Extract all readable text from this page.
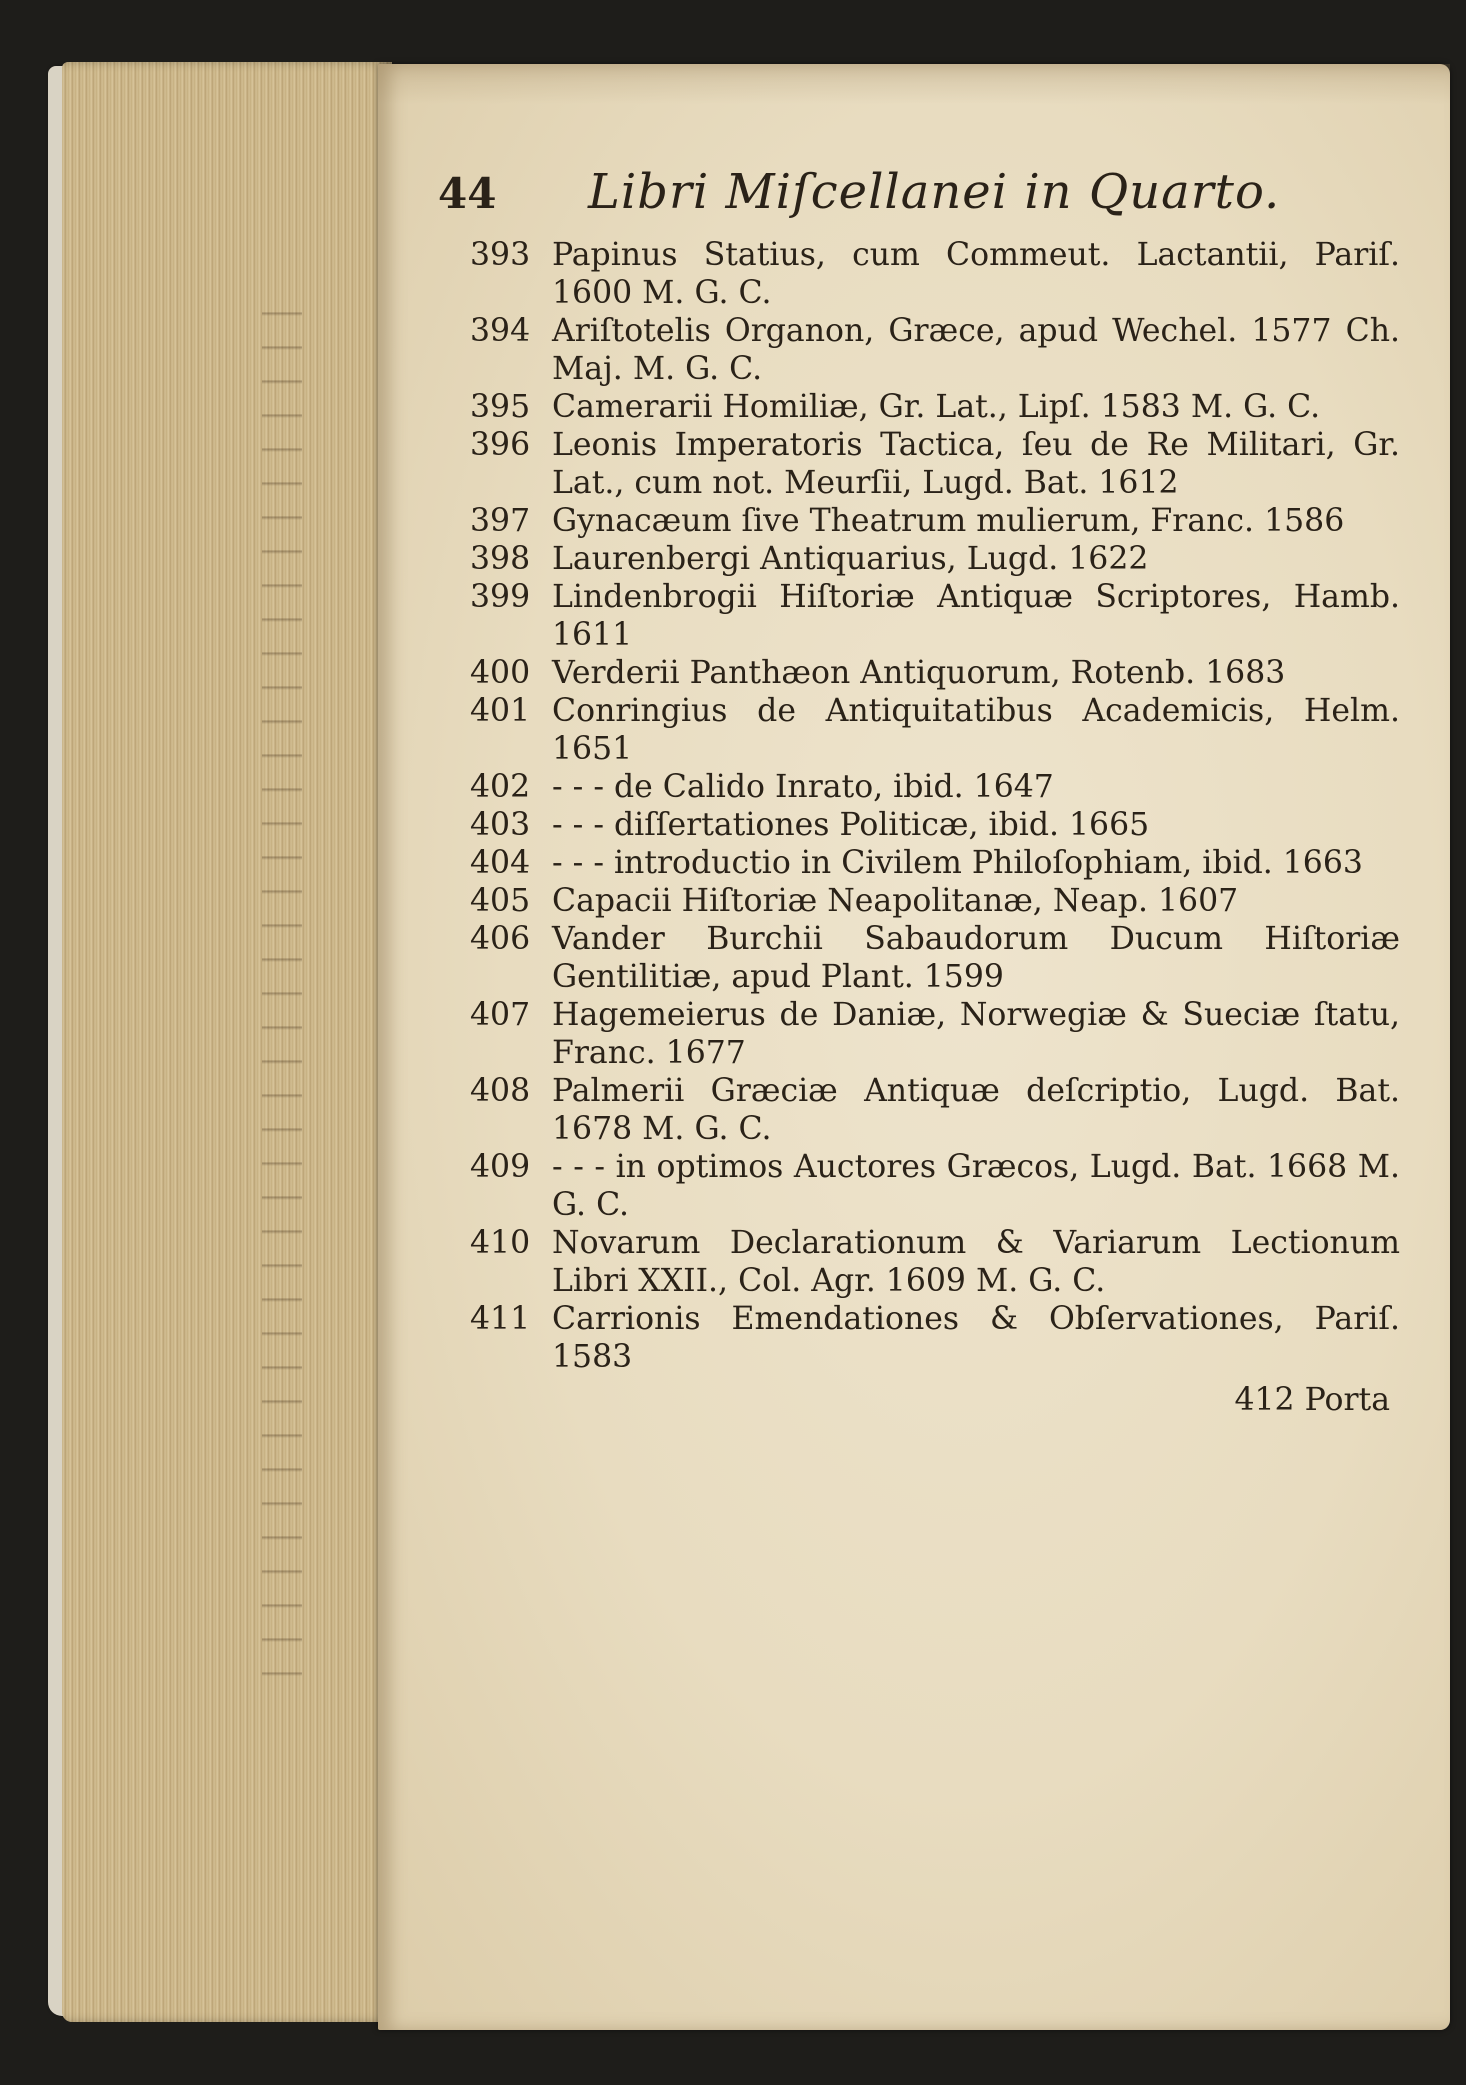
44	Libri Miſcellanei in Quarto.
393 Papinus Statius, cum Commeut. Lactantii, Pariſ. 1600 M. G. C.
394 Ariſtotelis Organon, Græce, apud Wechel. 1577 Ch. Maj. M. G. C.
395 Camerarii Homiliæ, Gr. Lat., Lipſ. 1583 M. G. C.
396 Leonis Imperatoris Tactica, ſeu de Re Militari, Gr. Lat., cum not. Meurſii, Lugd. Bat. 1612
397 Gynacæum ſive Theatrum mulierum, Franc. 1586
398 Laurenbergi Antiquarius, Lugd. 1622
399 Lindenbrogii Hiſtoriæ Antiquæ Scriptores, Hamb. 1611
400 Verderii Panthæon Antiquorum, Rotenb. 1683
401 Conringius de Antiquitatibus Academicis, Helm. 1651
402 - - - de Calido Inrato, ibid. 1647
403 - - - diſſertationes Politicæ, ibid. 1665
404 - - - introductio in Civilem Philoſophiam, ibid. 1663
405 Capacii Hiſtoriæ Neapolitanæ, Neap. 1607
406 Vander Burchii Sabaudorum Ducum Hiſtoriæ Gentilitiæ, apud Plant. 1599
407 Hagemeierus de Daniæ, Norwegiæ & Sueciæ ſtatu, Franc. 1677
408 Palmerii Græciæ Antiquæ deſcriptio, Lugd. Bat. 1678 M. G. C.
409 - - - in optimos Auctores Græcos, Lugd. Bat. 1668 M. G. C.
410 Novarum Declarationum & Variarum Lectionum Libri XXII., Col. Agr. 1609 M. G. C.
411 Carrionis Emendationes & Obſervationes, Pariſ. 1583
412 Porta
